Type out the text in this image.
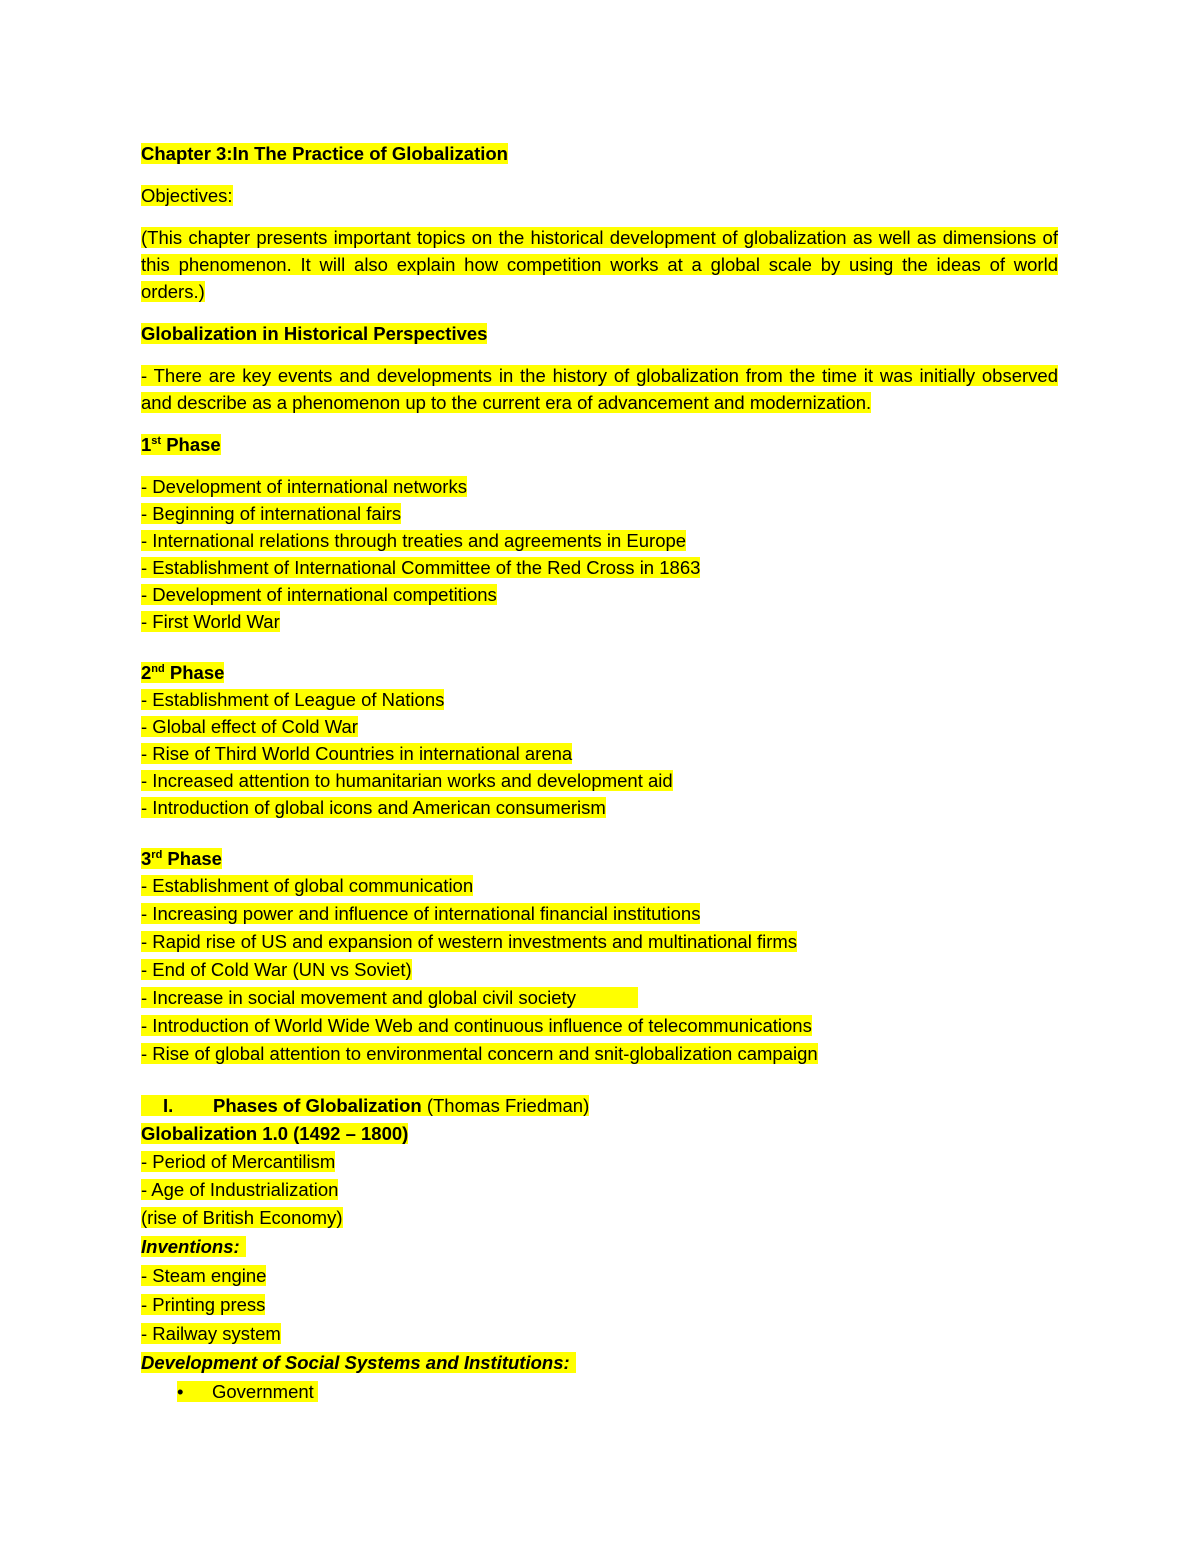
Chapter 3:In The Practice of Globalization
Objectives:
(This chapter presents important topics on the historical development of globalization as well as dimensions of this phenomenon. It will also explain how competition works at a global scale by using the ideas of world orders.)
Globalization in Historical Perspectives
- There are key events and developments in the history of globalization from the time it was initially observed and describe as a phenomenon up to the current era of advancement and modernization.
1st Phase
- Development of international networks
- Beginning of international fairs
- International relations through treaties and agreements in Europe
- Establishment of International Committee of the Red Cross in 1863
- Development of international competitions
- First World War
2nd Phase
- Establishment of League of Nations
- Global effect of Cold War
- Rise of Third World Countries in international arena
- Increased attention to humanitarian works and development aid
- Introduction of global icons and American consumerism
3rd Phase
- Establishment of global communication
- Increasing power and influence of international financial institutions
- Rapid rise of US and expansion of western investments and multinational firms
- End of Cold War (UN vs Soviet)
- Increase in social movement and global civil society
- Introduction of World Wide Web and continuous influence of telecommunications
- Rise of global attention to environmental concern and snit-globalization campaign
I. Phases of Globalization (Thomas Friedman)
Globalization 1.0 (1492 – 1800)
- Period of Mercantilism
- Age of Industrialization
(rise of British Economy)
Inventions:
- Steam engine
- Printing press
- Railway system
Development of Social Systems and Institutions:
• Government
